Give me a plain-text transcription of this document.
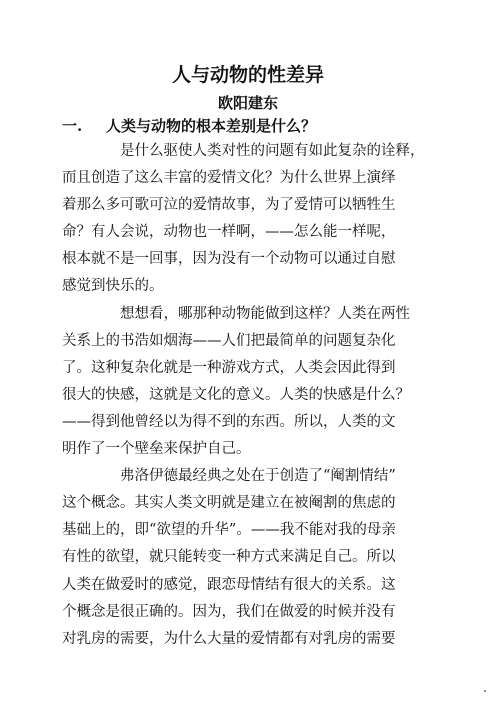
人与动物的性差异
欧阳建东
一. 人类与动物的根本差别是什么？
是什么驱使人类对性的问题有如此复杂的诠释，
而且创造了这么丰富的爱情文化？为什么世界上演绎
着那么多可歌可泣的爱情故事，为了爱情可以牺牲生
命？有人会说，动物也一样啊，——怎么能一样呢，
根本就不是一回事，因为没有一个动物可以通过自慰
感觉到快乐的。
想想看，哪那种动物能做到这样？人类在两性
关系上的书浩如烟海——人们把最简单的问题复杂化
了。这种复杂化就是一种游戏方式，人类会因此得到
很大的快感，这就是文化的意义。人类的快感是什么？
——得到他曾经以为得不到的东西。所以，人类的文
明作了一个壁垒来保护自己。
弗洛伊德最经典之处在于创造了“阉割情结”
这个概念。其实人类文明就是建立在被阉割的焦虑的
基础上的，即“欲望的升华”。——我不能对我的母亲
有性的欲望，就只能转变一种方式来满足自己。所以
人类在做爱时的感觉，跟恋母情结有很大的关系。这
个概念是很正确的。因为，我们在做爱的时候并没有
对乳房的需要，为什么大量的爱情都有对乳房的需要
